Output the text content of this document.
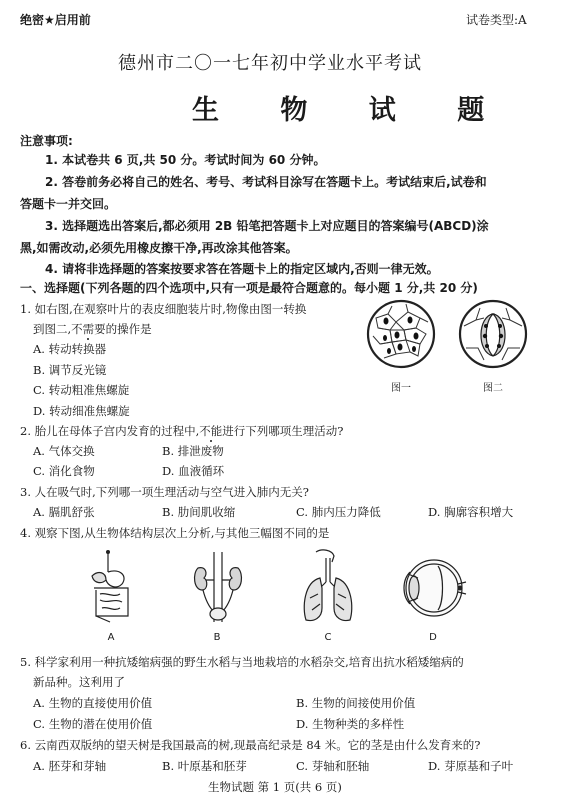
绝密★启用前	试卷类型:A
德州市二〇一七年初中学业水平考试
生 物 试 题
注意事项:
1. 本试卷共 6 页,共 50 分。考试时间为 60 分钟。
2. 答卷前务必将自己的姓名、考号、考试科目涂写在答题卡上。考试结束后,试卷和
答题卡一并交回。
3. 选择题选出答案后,都必须用 2B 铅笔把答题卡上对应题目的答案编号(ABCD)涂
黑,如需改动,必须先用橡皮擦干净,再改涂其他答案。
4. 请将非选择题的答案按要求答在答题卡上的指定区域内,否则一律无效。
一、选择题(下列各题的四个选项中,只有一项是最符合题意的。每小题 1 分,共 20 分)
1. 如右图,在观察叶片的表皮细胞装片时,物像由图一转换
到图二,不需要的操作是
A. 转动转换器
B. 调节反光镜
C. 转动粗准焦螺旋
D. 转动细准焦螺旋
图一	图二
2. 胎儿在母体子宫内发育的过程中,不能进行下列哪项生理活动?
A. 气体交换	B. 排泄废物
C. 消化食物	D. 血液循环
3. 人在吸气时,下列哪一项生理活动与空气进入肺内无关?
A. 膈肌舒张	B. 肋间肌收缩	C. 肺内压力降低	D. 胸廓容积增大
4. 观察下图,从生物体结构层次上分析,与其他三幅图不同的是
A	B	C	D
5. 科学家利用一种抗矮缩病强的野生水稻与当地栽培的水稻杂交,培育出抗水稻矮缩病的
新品种。这利用了
A. 生物的直接使用价值	B. 生物的间接使用价值
C. 生物的潜在使用价值	D. 生物种类的多样性
6. 云南西双版纳的望天树是我国最高的树,现最高纪录是 84 米。它的茎是由什么发育来的?
A. 胚芽和芽轴	B. 叶原基和胚芽	C. 芽轴和胚轴	D. 芽原基和子叶
生物试题 第 1 页(共 6 页)
